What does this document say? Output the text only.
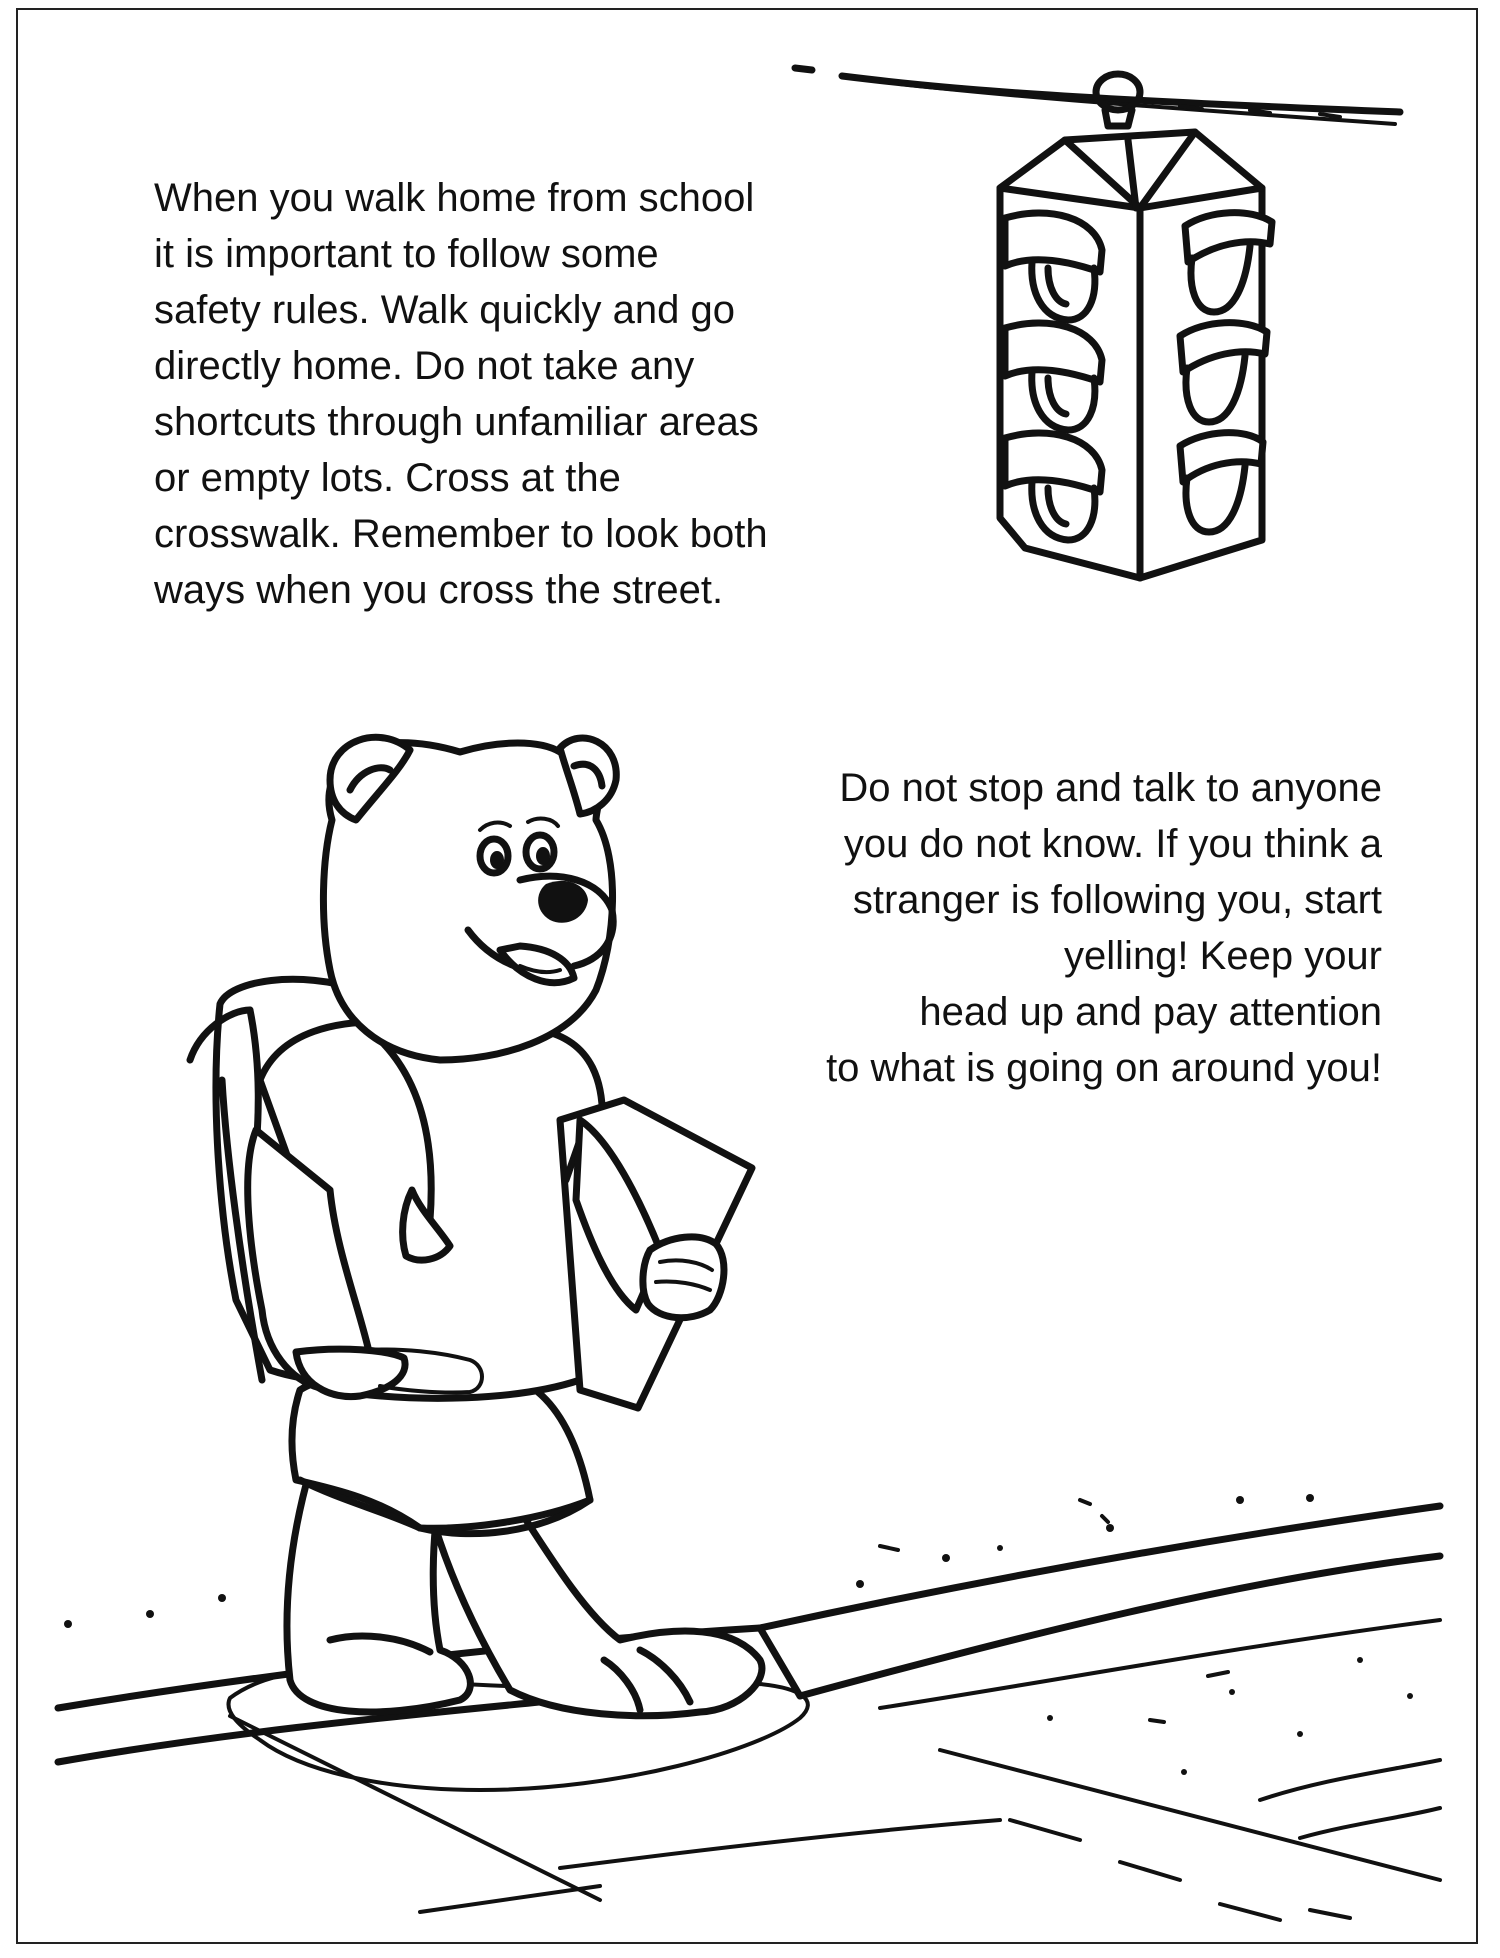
When you walk home from school
it is important to follow some
safety rules. Walk quickly and go
directly home. Do not take any
shortcuts through unfamiliar areas
or empty lots. Cross at the
crosswalk. Remember to look both
ways when you cross the street.
Do not stop and talk to anyone
you do not know. If you think a
stranger is following you, start
yelling! Keep your
head up and pay attention
to what is going on around you!
